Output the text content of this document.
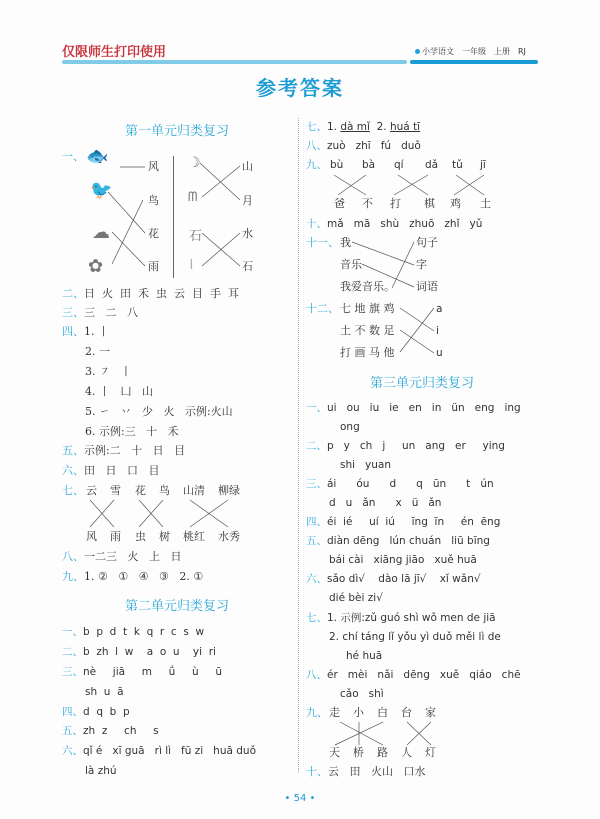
仅限师生打印使用	小学语文 一年级 上册 RJ
参考答案
第一单元归类复习
一、 🐟
🐦
☁
✿
风
鸟
花
雨
☽
ᗰ
石
⦚
山
月
水
石
二、日  火  田  禾  虫  云  目  手  耳
三、三   二   八
四、1. 丨
2. 一
3. ㇇   丨
4. 丨   凵   山
5. ㇀   丷   少   火   示例:火山
6. 示例:三   十   禾
五、示例:二   十   日   目
六、田   日   口   目
七、 云 雪 花 鸟 山清 柳绿
风 雨 虫 树 桃红 水秀
八、一二三   火   上   日
九、1. ②   ①   ④   ③   2. ①
第二单元归类复习
一、b  p  d  t  k  q  r  c  s  w
二、b  zh  l  w    a  o  u    yi  ri
三、nè     jiā     m     ǘ     ù     ū
sh  u  ā
四、d  q  b  p
五、zh  z     ch     s
六、qǐ é   xī guā   rì lì   fū zi   huā duǒ
là zhú
七、1. dà mǐ  2. huá tī
八、zuò   zhī   fú   duǒ
九、 bù bà qí dǎ tǔ jī
爸 不 打 棋 鸡 土
十、mǎ   mā   shù   zhuō   zhǐ   yǔ
十一、 我
音乐
我爱音乐。
句子
字
词语
十二、 七 地 旗 鸡
土 不 数 足
打 画 马 他
a
i
u
第三单元归类复习
一、ui   ou   iu   ie   en   in   ün   eng   ing
ong
二、p   y   ch   j     un   ang   er     ying
shi   yuan
三、ái      óu      d      q   ūn      t   ún
d   u   ǎn      x   ü   ǎn
四、éi  ié     uí  iú     īng  īn     én  ēng
五、diàn dēng   lún chuán   liū bīng
bái cài   xiāng jiāo   xuě huā
六、sǎo dì√    dào lā jī√    xǐ wǎn√
dié bèi zi√
七、1. 示例:zǔ guó shì wǒ men de jiā
2. chí táng lǐ yǒu yì duǒ měi lì de
hé huā
八、ér   mèi   nǎi   dēng   xuě   qiáo   chē
cǎo   shì
九、 走 小 白 台 家
天 桥 路 人 灯
十、云   田   火山   口水
• 54 •
